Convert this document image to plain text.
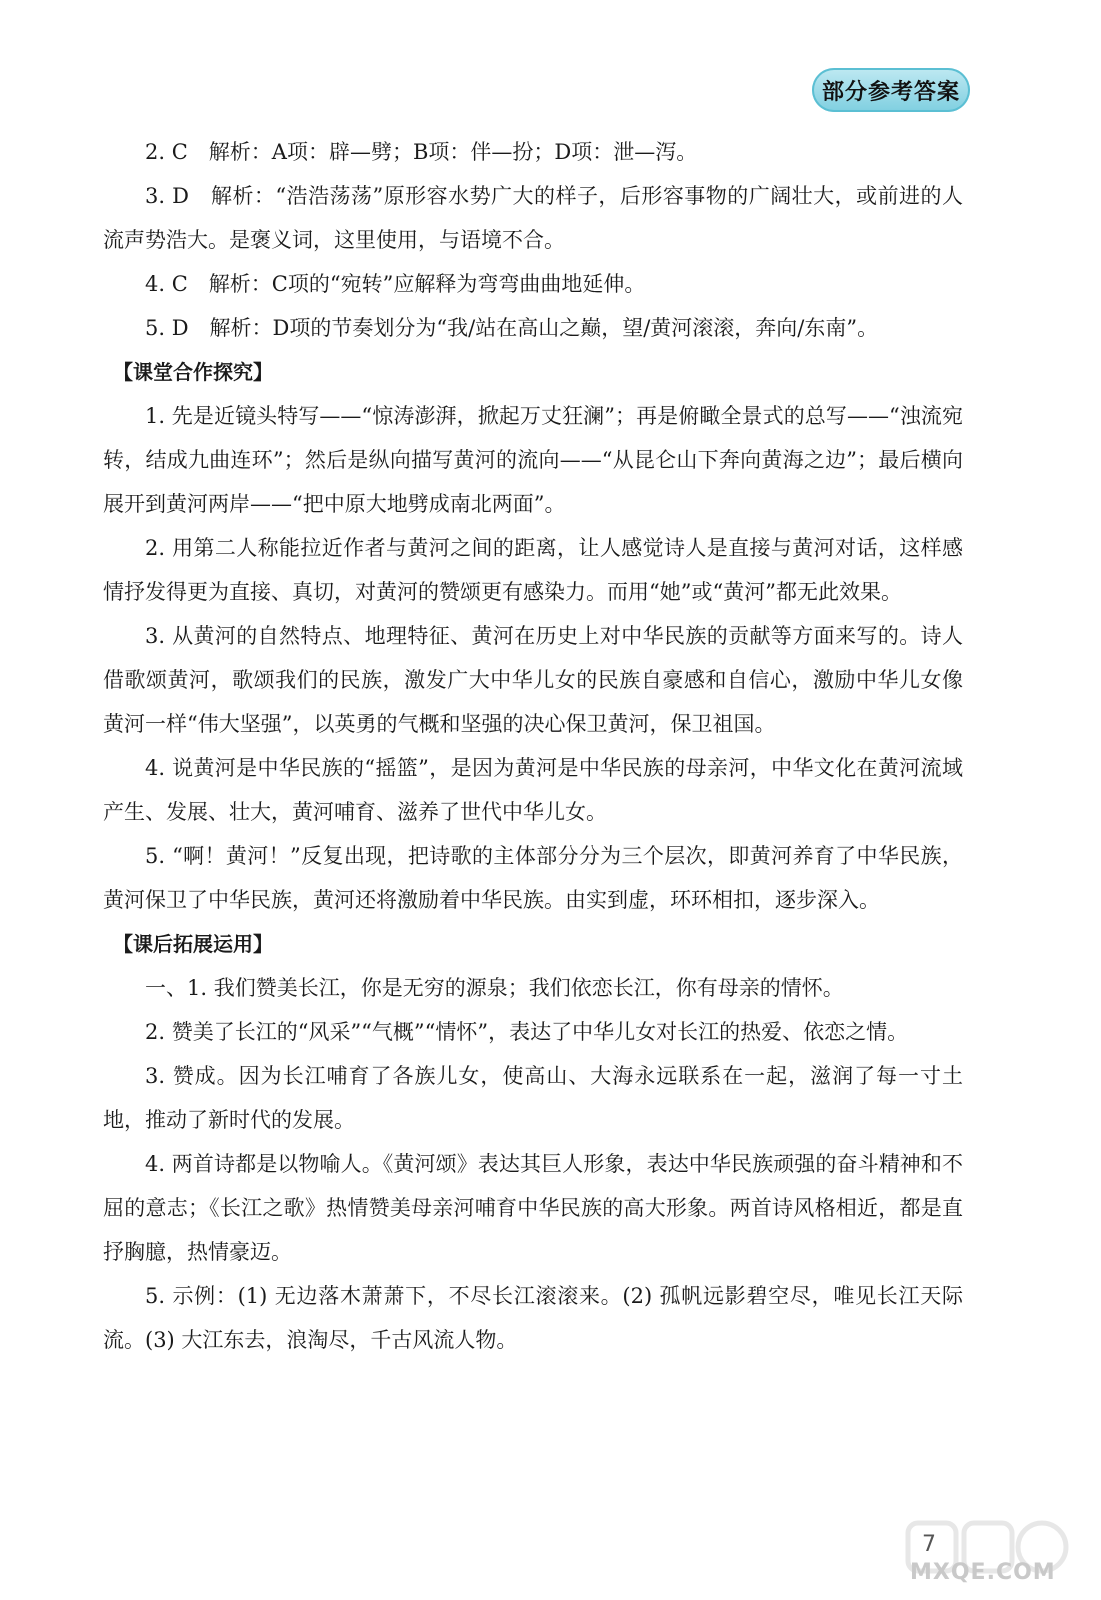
部分参考答案

2. C　解析：A项：辟—劈；B项：伴—扮；D项：泄—泻。

3. D　解析：“浩浩荡荡”原形容水势广大的样子，后形容事物的广阔壮大，或前进的人流声势浩大。是褒义词，这里使用，与语境不合。

4. C　解析：C项的“宛转”应解释为弯弯曲曲地延伸。

5. D　解析：D项的节奏划分为“我/站在高山之巅，望/黄河滚滚，奔向/东南”。

【课堂合作探究】

1. 先是近镜头特写——“惊涛澎湃，掀起万丈狂澜”；再是俯瞰全景式的总写——“浊流宛转，结成九曲连环”；然后是纵向描写黄河的流向——“从昆仑山下奔向黄海之边”；最后横向展开到黄河两岸——“把中原大地劈成南北两面”。

2. 用第二人称能拉近作者与黄河之间的距离，让人感觉诗人是直接与黄河对话，这样感情抒发得更为直接、真切，对黄河的赞颂更有感染力。而用“她”或“黄河”都无此效果。

3. 从黄河的自然特点、地理特征、黄河在历史上对中华民族的贡献等方面来写的。诗人借歌颂黄河，歌颂我们的民族，激发广大中华儿女的民族自豪感和自信心，激励中华儿女像黄河一样“伟大坚强”，以英勇的气概和坚强的决心保卫黄河，保卫祖国。

4. 说黄河是中华民族的“摇篮”，是因为黄河是中华民族的母亲河，中华文化在黄河流域产生、发展、壮大，黄河哺育、滋养了世代中华儿女。

5. “啊！黄河！”反复出现，把诗歌的主体部分分为三个层次，即黄河养育了中华民族，黄河保卫了中华民族，黄河还将激励着中华民族。由实到虚，环环相扣，逐步深入。

【课后拓展运用】

一、1. 我们赞美长江，你是无穷的源泉；我们依恋长江，你有母亲的情怀。

2. 赞美了长江的“风采”“气概”“情怀”，表达了中华儿女对长江的热爱、依恋之情。

3. 赞成。因为长江哺育了各族儿女，使高山、大海永远联系在一起，滋润了每一寸土地，推动了新时代的发展。

4. 两首诗都是以物喻人。《黄河颂》表达其巨人形象，表达中华民族顽强的奋斗精神和不屈的意志；《长江之歌》热情赞美母亲河哺育中华民族的高大形象。两首诗风格相近，都是直抒胸臆，热情豪迈。

5. 示例：(1) 无边落木萧萧下，不尽长江滚滚来。(2) 孤帆远影碧空尽，唯见长江天际流。(3) 大江东去，浪淘尽，千古风流人物。

7
MXQE.COM
